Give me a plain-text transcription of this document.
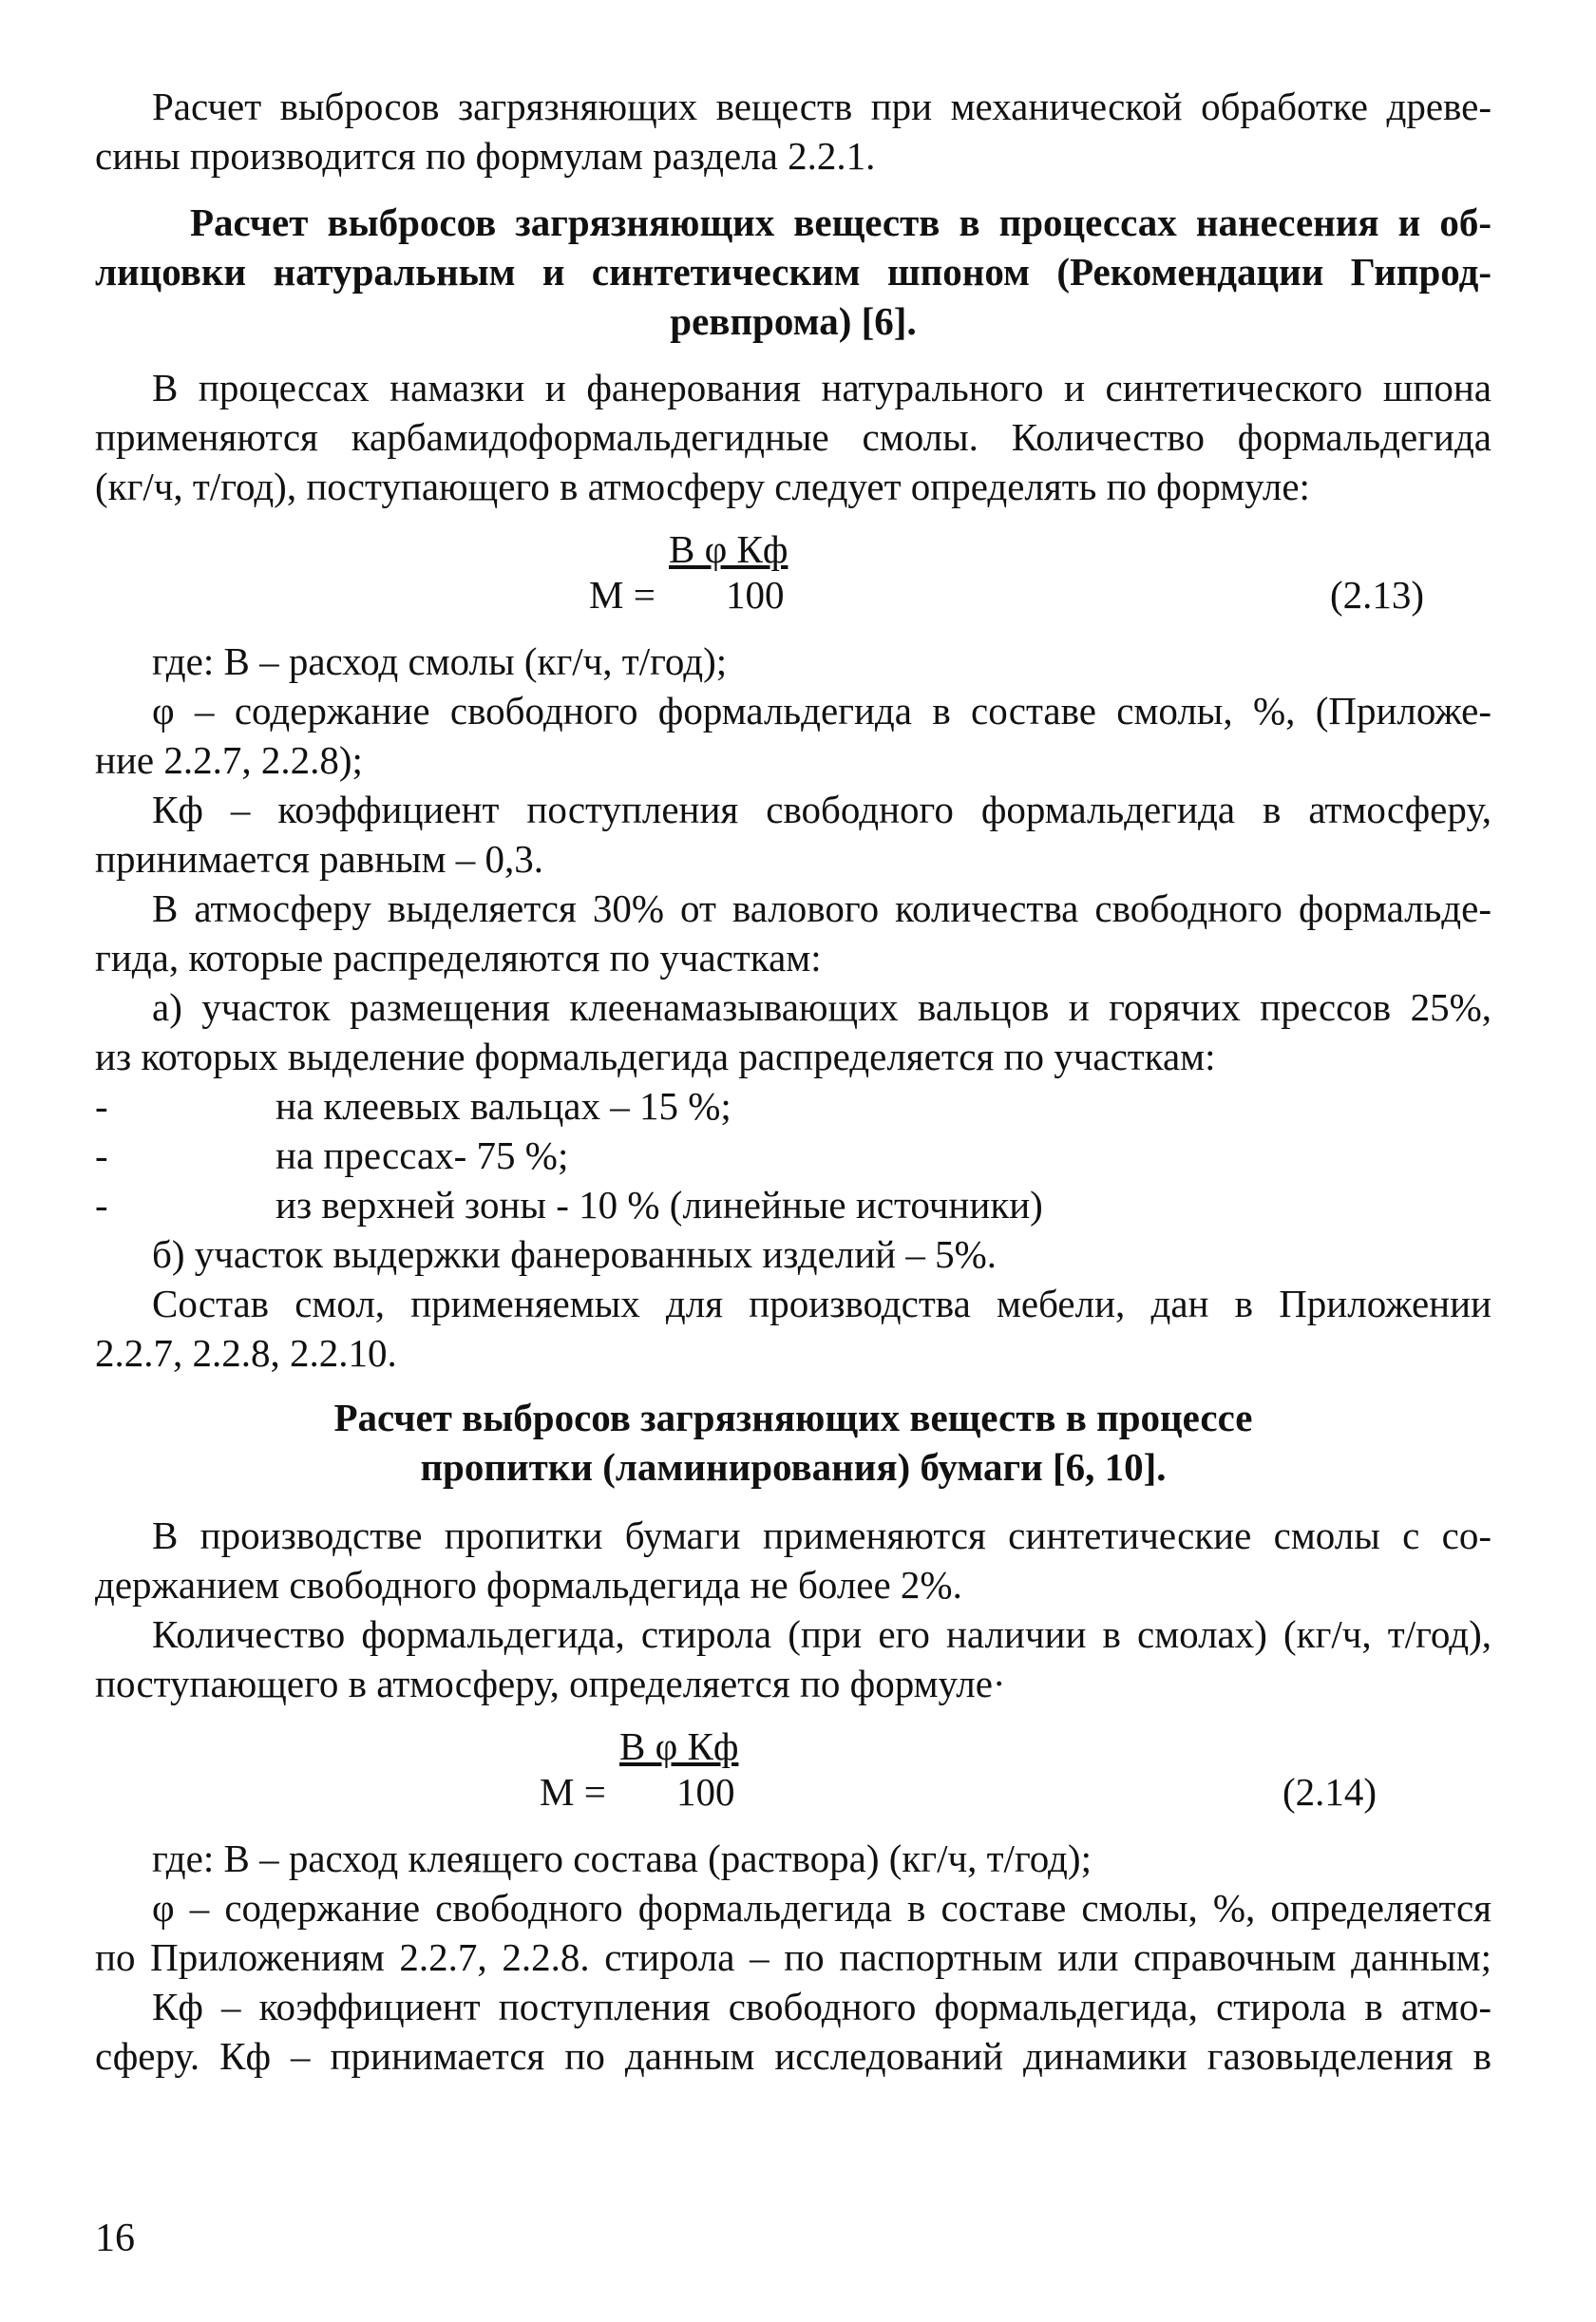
Расчет выбросов загрязняющих веществ при механической обработке древе-

сины производится по формулам раздела 2.2.1.

Расчет выбросов загрязняющих веществ в процессах нанесения и об-

лицовки натуральным и синтетическим шпоном (Рекомендации Гипрод-

ревпрома) [6].

В процессах намазки и фанерования натурального и синтетического шпона

применяются карбамидоформальдегидные смолы. Количество формальдегида

(кг/ч, т/год), поступающего в атмосферу следует определять по формуле:

В φ Кф
М = 100	(2.13)

где: В – расход смолы (кг/ч, т/год);

φ – содержание свободного формальдегида в составе смолы, %, (Приложе-

ние 2.2.7, 2.2.8);

Кф – коэффициент поступления свободного формальдегида в атмосферу,

принимается равным – 0,3.

В атмосферу выделяется 30% от валового количества свободного формальде-

гида, которые распределяются по участкам:

а) участок размещения клеенамазывающих вальцов и горячих прессов 25%,

из которых выделение формальдегида распределяется по участкам:

-	на клеевых вальцах – 15 %;
-	на прессах- 75 %;
-	из верхней зоны - 10 % (линейные источники)

б) участок выдержки фанерованных изделий – 5%.

Состав смол, применяемых для производства мебели, дан в Приложении

2.2.7, 2.2.8, 2.2.10.

Расчет выбросов загрязняющих веществ в процессе

пропитки (ламинирования) бумаги [6, 10].

В производстве пропитки бумаги применяются синтетические смолы с со-

держанием свободного формальдегида не более 2%.

Количество формальдегида, стирола (при его наличии в смолах) (кг/ч, т/год),

поступающего в атмосферу, определяется по формуле·

В φ Кф
М = 100	(2.14)

где: В – расход клеящего состава (раствора) (кг/ч, т/год);

φ – содержание свободного формальдегида в составе смолы, %, определяется

по Приложениям 2.2.7, 2.2.8. стирола – по паспортным или справочным данным;

Кф – коэффициент поступления свободного формальдегида, стирола в атмо-

сферу. Кф – принимается по данным исследований динамики газовыделения в

16
